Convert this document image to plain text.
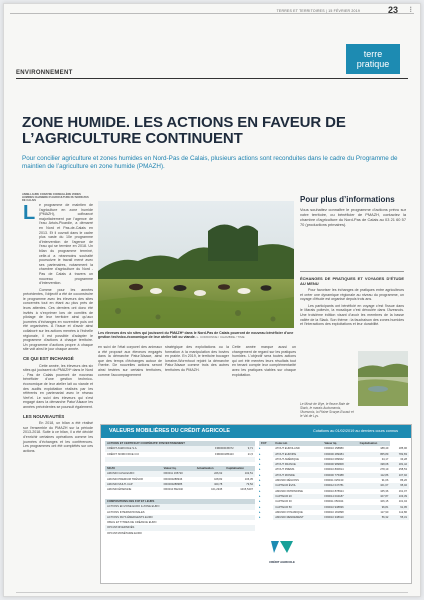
TERRES ET TERRITOIRES | 15 FÉVRIER 2019	23 ⁝
terre
pratique
ENVIRONNEMENT
ZONE HUMIDE. LES ACTIONS EN FAVEUR DE L’AGRICULTURE CONTINUENT

Pour concilier agriculture et zones humides en Nord-Pas de Calais, plusieurs actions sont reconduites dans le cadre du Programme de maintien de l’agriculture en zone humide (PMAZH).

ANNE-LAURE CONATIIE CONSEILLÈRE ZONES HUMIDES CHAMBRE D’AGRICULTURE DU NORD-PAS DE CALAIS
L	e programme de maintien de l’agriculture en zone humide (PMAZH), cofinancé majoritairement par l’agence de l’eau Artois-Picardie, a démarré en Nord et Pas-de-Calais en 2013. Et il ouvrait dans le cadre plus vaste du 10e programme d’intervention de l’agence de l’eau qui se termine en 2018. Un bilan du programme terminé, celle-ci a néanmoins souhaité poursuivre le travail mené avec ses partenaires, notamment la chambre d’agriculture du Nord - Pas de Calais à travers un nouveau programme d’intervention.

Comme pour les années précédentes, l’objectif a été de coconstruire le programme avec les éleveurs des sites concernés tout en étant au plus près de leurs attentes. Ces derniers ont donc été invités à s’exprimer lors de comités de pilotage de leur territoire ainsi qu’aux journées d’échanges en novembre puis ont été organisées. À l’issue et d’avoir ainsi collaboré sur les actions menées à l’échelle régionale, il est possible d’adapter le programme d’actions à chaque territoire. Un programme d’actions propre à chaque site voit ainsi le jour chaque année.

CE QUI EST INCHANGÉ

Cette année, les éleveurs des six sites qui jouissent du PMAZH* dans le Nord - Pas de Calais pourront de nouveau bénéficier d’une gestion technico-économique de leur atelier lait ou viande et des audits exploitation réalisés par les référents en partenariat avec le réseau Vert’el. Le suivi des éleveurs qui s’est engagé dans la démarche Patur’Alsace les années précédentes se poursuit également.

LES NOUVEAUTÉS

En 2018, un bilan a été réalisé sur l’ensemble du PMAZH sur la période 2013-2018. Suite à ce bilan, il a été décidé d’enrichir certaines opérations comme les journées d’échanges et les conférences. Les programmes ont été complétés sur ces actions.

Les éleveurs des six sites qui jouissent du PMAZH* dans le Nord-Pas de Calais pourront de nouveau bénéficier d’une gestion technico-économique de leur atelier lait ou viande. L. CORDONNE / CHAMBRE / TIME
en suivi de l’état corporel des animaux a été proposé aux éleveurs engagés dans la démarche Patur’Alsace, ainsi que des temps d’échanges autour de l’herbe. De nouvelles actions seront ainsi testées sur certains territoires, comme l’accompagnement
stratégique des exploitations ou la formation à la manipulation des bovins en prairie. En 2019, le territoire bocager lorraine-Wormhout rejoint la démarche Patur’Alsace comme trois des autres territoires du PMAZH.
Cette année marque aussi un changement de regard sur les pratiques humides. L’objectif sera toutes actions qui ont été menées leurs résultats tout en tenant compte leur complémentarité avec les pratiques viables sur chaque exploitation.
Pour plus d’informations
Vous souhaitez connaître le programme d’actions prévu sur votre territoire, ou bénéficier de PMAZH, contactez la chambre d’agriculture du Nord-Pas de Calais au 03 21 60 57 70 (productions primaires).
ÉCHANGES DE PRATIQUES ET VOYAGES D’ÉTUDE AU MENU

Pour favoriser les échanges de pratiques entre agriculteurs et créer une dynamique régionale au niveau du programme, un voyage d’étude est organisé depuis trois ans.

Les participants ont bénéficié en voyage c’est l’issue dans le Marais poitevin, la mosaïque c’est déroulée dans l’Avesnois. Une troisième édition visant d’avoir les membres de la basse vallée de la Slack. Son thème : la fauchaison des zones humides et l’interactions des exploitations et leur durabilité.

Le Miroir de Wye, le fleuve Baie de Slack, le marais Audomarois, l’Avesnois, la Plaine Scarpe-Escaut et le Val de Lys.
VALEURS MOBILIÈRES DU CRÉDIT AGRICOLE	Cotations au 01/02/2019 au derniers cours connus
ACTIONS ET CERTIFICAT COOPÉRATIF D’INVESTISSEMENT		
CRÉDIT AGRICOLE S.A.	FR0000045072	9,71
CRÉDIT NORD FRCE CCI	FR0000185423	21,5

SICAV	Valeur liq.	Actualisation	Capitalisation
AMUNDI CASH EURO	FR0011 165720	226,62	102,51
AMUNDI PREMIUM TRÉSOR	FR0000288946	108,82	106,35
AMUNDI MULTI-CAP	FR0000288985	320,78	79,52
AMUNDI ÉPARGNE	FR0010 892440	101,2945	1015,5407
COMPOSITIONS DES FCP ET LEURS		
ACTIONS EN ZONE EURO & ZONE EURO		
ACTIONS INTERNATIONALES		
ACTIONS PAYS ÉMERGENTS EURO		
OBLIG ET TITRES DE CRÉANCE EURO		
OPCVM DIVERSIFIÉS		
OPCVM MONÉTAIRE EURO		
CRÉDIT AGRICOLE
FCP	Code isin	Valeur liq.	Capitalisation
▸	ATOUT EUROLAND	FR0010 158880	188,49	185,96
▸	ATOUT EUROPE	FR0000 289084	865,89	782,83
▸	ATOUT AMÉRIQUE	FR0010 089662	34,17	33,28
▸	ATOUT FRANCE	FR0000 989808	198,08	181,42
▸	ATOUT PREMS	FR0010 800814	278,19	258,53
▸	ATOUT MONDE	FR0000 775388	112,86	107,92
▸	AMUNDI RÉGIONS	FR0011 025130	91,06	86,26
▸	CAPTEUR ÉVOL	FR0012 047781	101,67	95,02
▸	AMUNDI PATRIMOINE	FR0010 878924	165,36	161,07
▸	CAPTEUR 20	FR0014 004187	107,87	103,39
▸	CAPTEUR 30	FR0011 050044	106,15	101,04
▸	CAPTEUR 50	FR0010 938836	96,81	91,95
▸	AMUNDI DYNAMIQUE	FR0010 181898	117,90	112,86
▸	AMUNDI RENDEMENT	FR0010 338910	56,32	55,31
